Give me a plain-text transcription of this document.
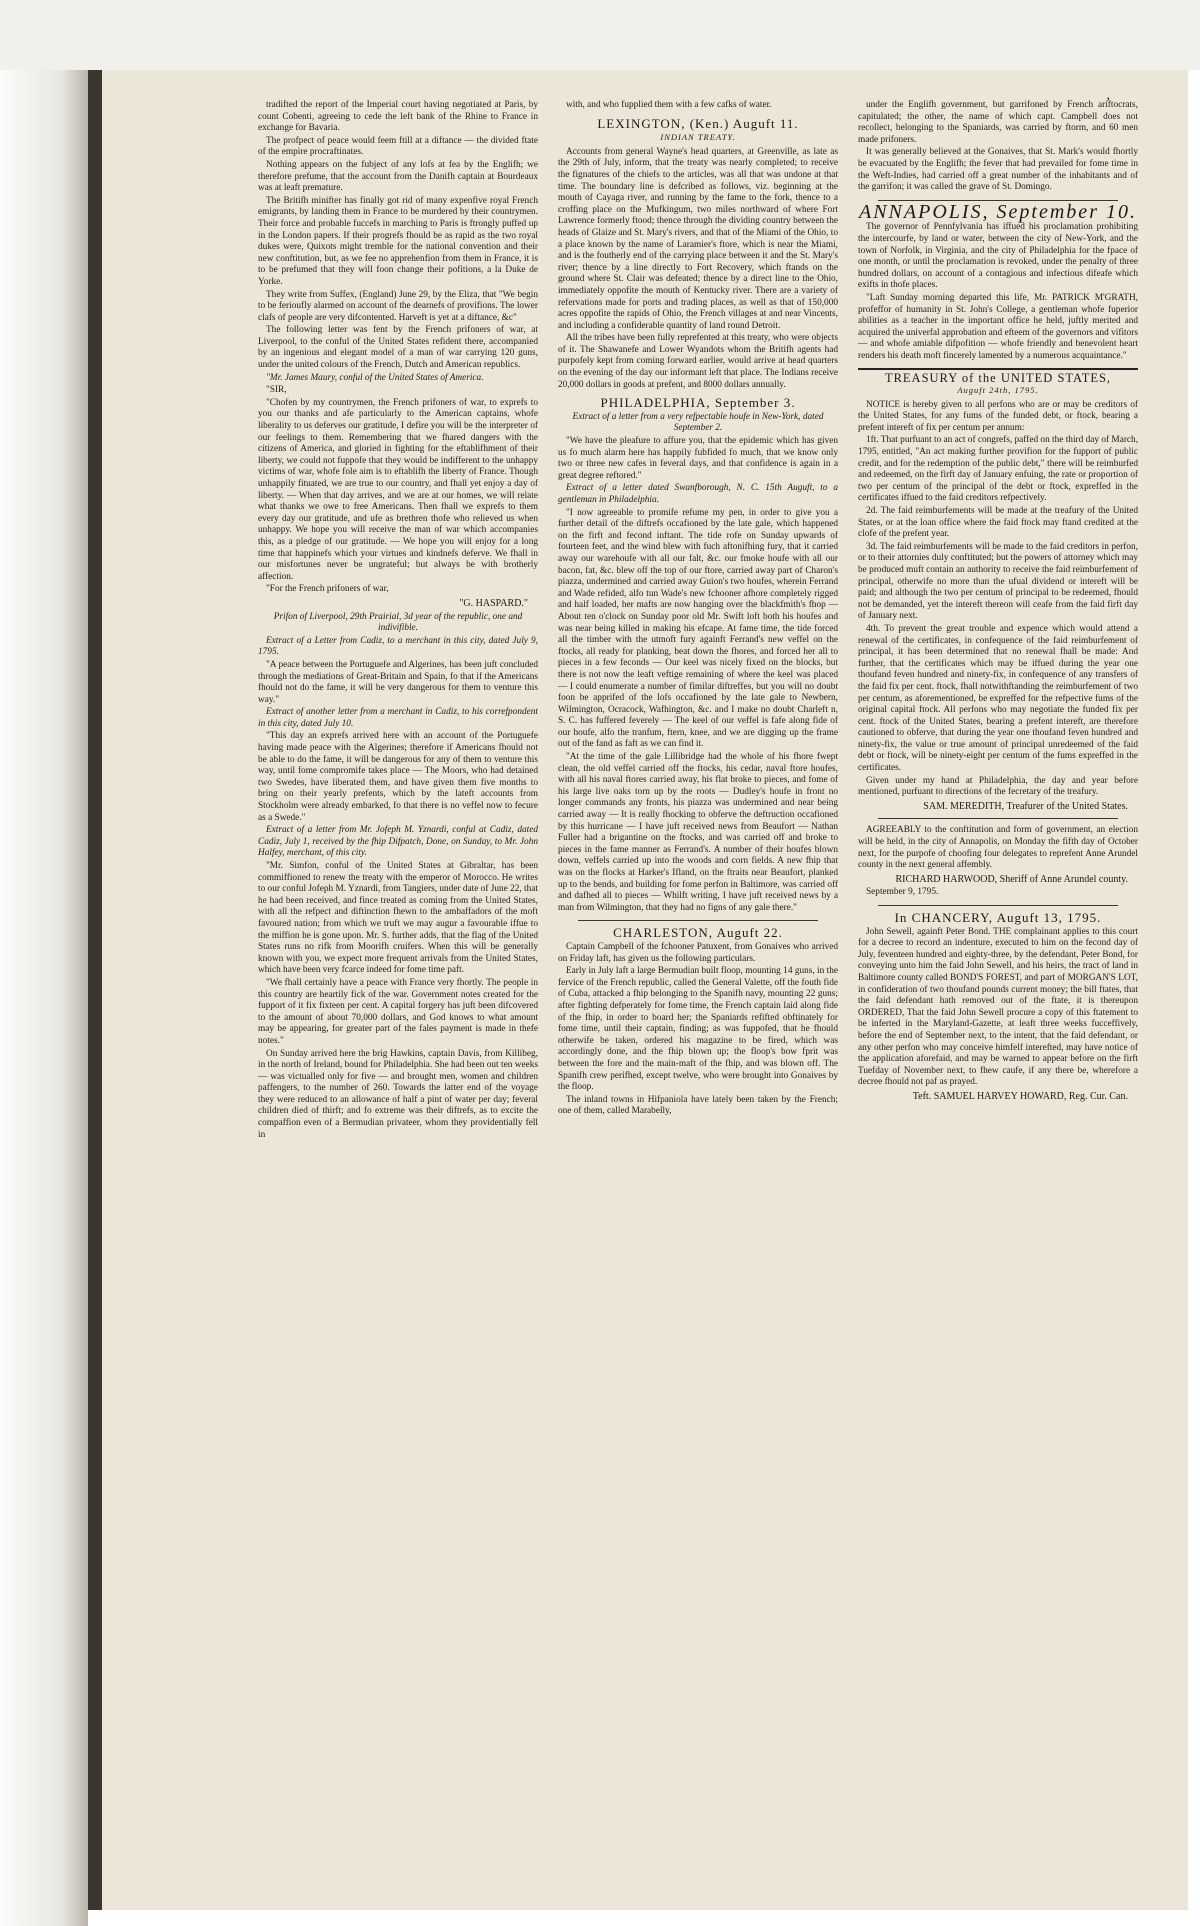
,

tradifted the report of the Imperial court having negotiated at Paris, by count Cobenti, agreeing to cede the left bank of the Rhine to France in exchange for Bavaria.

The profpect of peace would feem ftill at a diftance — the divided ftate of the empire procraftinates.

Nothing appears on the fubject of any lofs at fea by the Englifh; we therefore prefume, that the account from the Danifh captain at Bourdeaux was at leaft premature.

The Britifh minifter has finally got rid of many expenfive royal French emigrants, by landing them in France to be murdered by their countrymen. Their force and probable fuccefs in marching to Paris is ftrongly puffed up in the London papers. If their progrefs fhould be as rapid as the two royal dukes were, Quixots might tremble for the national convention and their new conftitution, but, as we fee no apprehenfion from them in France, it is to be prefumed that they will foon change their pofitions, a la Duke de Yorke.

They write from Suffex, (England) June 29, by the Eliza, that "We begin to be ferioufly alarmed on account of the dearnefs of provifions. The lower clafs of people are very difcontented. Harveft is yet at a diftance, &c"

The following letter was fent by the French prifoners of war, at Liverpool, to the conful of the United States refident there, accompanied by an ingenious and elegant model of a man of war carrying 120 guns, under the united colours of the French, Dutch and American republics.

"Mr. James Maury, conful of the United States of America.

"SIR,

"Chofen by my countrymen, the French prifoners of war, to exprefs to you our thanks and afe particularly to the American captains, whofe liberality to us deferves our gratitude, I defire you will be the interpreter of our feelings to them. Remembering that we fhared dangers with the citizens of America, and gloried in fighting for the eftablifhment of their liberty, we could not fuppofe that they would be indifferent to the unhappy victims of war, whofe fole aim is to eftablifh the liberty of France. Though unhappily fituated, we are true to our country, and fhall yet enjoy a day of liberty. — When that day arrives, and we are at our homes, we will relate what thanks we owe to free Americans. Then fhall we exprefs to them every day our gratitude, and ufe as brethren thofe who relieved us when unhappy. We hope you will receive the man of war which accompanies this, as a pledge of our gratitude. — We hope you will enjoy for a long time that happinefs which your virtues and kindnefs deferve. We fhall in our misfortunes never be ungrateful; but always be with brotherly affection.

"For the French prifoners of war,

"G. HASPARD."

Prifon of Liverpool, 29th Prairial, 3d year of the republic, one and indivifible.

Extract of a Letter from Cadiz, to a merchant in this city, dated July 9, 1795.

"A peace between the Portuguefe and Algerines, has been juft concluded through the mediations of Great-Britain and Spain, fo that if the Americans fhould not do the fame, it will be very dangerous for them to venture this way."

Extract of another letter from a merchant in Cadiz, to his correfpondent in this city, dated July 10.

"This day an exprefs arrived here with an account of the Portuguefe having made peace with the Algerines; therefore if Americans fhould not be able to do the fame, it will be dangerous for any of them to venture this way, until fome compromife takes place — The Moors, who had detained two Swedes, have liberated them, and have given them five months to bring on their yearly prefents, which by the lateft accounts from Stockholm were already embarked, fo that there is no veffel now to fecure as a Swede."

Extract of a letter from Mr. Jofeph M. Yznardi, conful at Cadiz, dated Cadiz, July 1, received by the fhip Difpatch, Done, on Sunday, to Mr. John Halfey, merchant, of this city.

"Mr. Simfon, conful of the United States at Gibraltar, has been commiffioned to renew the treaty with the emperor of Morocco. He writes to our conful Jofeph M. Yznardi, from Tangiers, under date of June 22, that he had been received, and fince treated as coming from the United States, with all the refpect and diftinction fhewn to the ambaffadors of the moft favoured nation; from which we truft we may augur a favourable iffue to the miffion he is gone upon. Mr. S. further adds, that the flag of the United States runs no rifk from Moorifh cruifers. When this will be generally known with you, we expect more frequent arrivals from the United States, which have been very fcarce indeed for fome time paft.

"We fhall certainly have a peace with France very fhortly. The people in this country are heartily fick of the war. Government notes created for the fupport of it fix fixteen per cent. A capital forgery has juft been difcovered to the amount of about 70,000 dollars, and God knows to what amount may be appearing, for greater part of the fales payment is made in thefe notes."

On Sunday arrived here the brig Hawkins, captain Davis, from Killibeg, in the north of Ireland, bound for Philadelphia. She had been out ten weeks — was victualled only for five — and brought men, women and children paffengers, to the number of 260. Towards the latter end of the voyage they were reduced to an allowance of half a pint of water per day; feveral children died of thirft; and fo extreme was their diftrefs, as to excite the compaffion even of a Bermudian privateer, whom they providentially fell in

with, and who fupplied them with a few cafks of water.

LEXINGTON, (Ken.) Auguft 11.
INDIAN TREATY.

Accounts from general Wayne's head quarters, at Greenville, as late as the 29th of July, inform, that the treaty was nearly completed; to receive the fignatures of the chiefs to the articles, was all that was undone at that time. The boundary line is defcribed as follows, viz. beginning at the mouth of Cayaga river, and running by the fame to the fork, thence to a croffing place on the Mufkingum, two miles northward of where Fort Lawrence formerly ftood; thence through the dividing country between the heads of Glaize and St. Mary's rivers, and that of the Miami of the Ohio, to a place known by the name of Laramier's ftore, which is near the Miami, and is the foutherly end of the carrying place between it and the St. Mary's river; thence by a line directly to Fort Recovery, which ftands on the ground where St. Clair was defeated; thence by a direct line to the Ohio, immediately oppofite the mouth of Kentucky river. There are a variety of refervations made for ports and trading places, as well as that of 150,000 acres oppofite the rapids of Ohio, the French villages at and near Vincents, and including a confiderable quantity of land round Detroit.

All the tribes have been fully reprefented at this treaty, who were objects of it. The Shawanefe and Lower Wyandots whom the Britifh agents had purpofely kept from coming forward earlier, would arrive at head quarters on the evening of the day our informant left that place. The Indians receive 20,000 dollars in goods at prefent, and 8000 dollars annually.

PHILADELPHIA, September 3.

Extract of a letter from a very refpectable houfe in New-York, dated September 2.

"We have the pleafure to affure you, that the epidemic which has given us fo much alarm here has happily fubfided fo much, that we know only two or three new cafes in feveral days, and that confidence is again in a great degree reftored."

Extract of a letter dated Swanfborough, N. C. 15th Auguft, to a gentleman in Philadelphia.

"I now agreeable to promife refume my pen, in order to give you a further detail of the diftrefs occafioned by the late gale, which happened on the firft and fecond inftant. The tide rofe on Sunday upwards of fourteen feet, and the wind blew with fuch aftonifhing fury, that it carried away our warehoufe with all our falt, &c. our fmoke houfe with all our bacon, fat, &c. blew off the top of our ftore, carried away part of Charon's piazza, undermined and carried away Guion's two houfes, wherein Ferrand and Wade refided, alfo tun Wade's new fchooner afhore completely rigged and half loaded, her mafts are now hanging over the blackfmith's fhop — About ten o'clock on Sunday poor old Mr. Swift loft both his houfes and was near being killed in making his efcape. At fame time, the tide forced all the timber with the utmoft fury againft Ferrand's new veffel on the ftocks, all ready for planking, beat down the fhores, and forced her all to pieces in a few feconds — Our keel was nicely fixed on the blocks, but there is not now the leaft veftige remaining of where the keel was placed — I could enumerate a number of fimilar diftreffes, but you will no doubt foon be apprifed of the lofs occafioned by the late gale to Newbern, Wilmington, Ocracock, Wafhington, &c. and I make no doubt Charleft n, S. C. has fuffered feverely — The keel of our veffel is fafe along fide of our houfe, alfo the tranfum, ftern, knee, and we are digging up the frame out of the fand as faft as we can find it.

"At the time of the gale Lillibridge had the whole of his fhore fwept clean, the old veffel carried off the ftocks, his cedar, naval ftore houfes, with all his naval ftores carried away, his flat broke to pieces, and fome of his large live oaks torn up by the roots — Dudley's houfe in front no longer commands any fronts, his piazza was undermined and near being carried away — It is really fhocking to obferve the deftruction occafioned by this hurricane — I have juft received news from Beaufort — Nathan Fuller had a brigantine on the ftocks, and was carried off and broke to pieces in the fame manner as Ferrand's. A number of their houfes blown down, veffels carried up into the woods and corn fields. A new fhip that was on the flocks at Harker's Ifland, on the ftraits near Beaufort, planked up to the bends, and building for fome perfon in Baltimore, was carried off and dafhed all to pieces — Whilft writing, I have juft received news by a man from Wilmington, that they had no figns of any gale there."

CHARLESTON, Auguft 22.

Captain Campbell of the fchooner Patuxent, from Gonaives who arrived on Friday laft, has given us the following particulars.

Early in July laft a large Bermudian built floop, mounting 14 guns, in the fervice of the French republic, called the General Valette, off the fouth fide of Cuba, attacked a fhip belonging to the Spanifh navy, mounting 22 guns; after fighting defperately for fome time, the French captain laid along fide of the fhip, in order to board her; the Spaniards refifted obftinately for fome time, until their captain, finding; as was fuppofed, that he fhould otherwife be taken, ordered his magazine to be fired, which was accordingly done, and the fhip blown up; the floop's bow fprit was between the fore and the main-maft of the fhip, and was blown off. The Spanifh crew perifhed, except twelve, who were brought into Gonaives by the floop.

The inland towns in Hifpaniola have lately been taken by the French; one of them, called Marabelly,

under the Englifh government, but garrifoned by French ariftocrats, capitulated; the other, the name of which capt. Campbell does not recollect, belonging to the Spaniards, was carried by ftorm, and 60 men made prifoners.

It was generally believed at the Gonaives, that St. Mark's would fhortly be evacuated by the Englifh; the fever that had prevailed for fome time in the Weft-Indies, had carried off a great number of the inhabitants and of the garrifon; it was called the grave of St. Domingo.

ANNAPOLIS, September 10.

The governor of Pennfylvania has iffued his proclamation prohibiting the intercourfe, by land or water, between the city of New-York, and the town of Norfolk, in Virginia, and the city of Philadelphia for the fpace of one month, or until the proclamation is revoked, under the penalty of three hundred dollars, on account of a contagious and infectious difeafe which exifts in thofe places.

"Laft Sunday morning departed this life, Mr. PATRICK M'GRATH, profeffor of humanity in St. John's College, a gentleman whofe fuperior abilities as a teacher in the important office he held, juftly merited and acquired the univerfal approbation and efteem of the governors and vifitors — and whofe amiable difpofition — whofe friendly and benevolent heart renders his death moft fincerely lamented by a numerous acquaintance."

TREASURY of the UNITED STATES,
Auguft 24th, 1795.

NOTICE is hereby given to all perfons who are or may be creditors of the United States, for any fums of the funded debt, or ftock, bearing a prefent intereft of fix per centum per annum:

1ft. That purfuant to an act of congrefs, paffed on the third day of March, 1795, entitled, "An act making further provifion for the fupport of public credit, and for the redemption of the public debt," there will be reimburfed and redeemed, on the firft day of January enfuing, the rate or proportion of two per centum of the principal of the debt or ftock, expreffed in the certificates iffued to the faid creditors refpectively.

2d. The faid reimburfements will be made at the treafury of the United States, or at the loan office where the faid ftock may ftand credited at the clofe of the prefent year.

3d. The faid reimburfements will be made to the faid creditors in perfon, or to their attornies duly conftituted; but the powers of attorney which may be produced muft contain an authority to receive the faid reimburfement of principal, otherwife no more than the ufual dividend or intereft will be paid; and although the two per centum of principal to be redeemed, fhould not be demanded, yet the intereft thereon will ceafe from the faid firft day of January next.

4th. To prevent the great trouble and expence which would attend a renewal of the certificates, in confequence of the faid reimburfement of principal, it has been determined that no renewal fhall be made: And further, that the certificates which may be iffued during the year one thoufand feven hundred and ninety-fix, in confequence of any transfers of the faid fix per cent. ftock, fhall notwithftanding the reimburfement of two per centum, as aforementioned, be expreffed for the refpective fums of the original capital ftock. All perfons who may negotiate the funded fix per cent. ftock of the United States, bearing a prefent intereft, are therefore cautioned to obferve, that during the year one thoufand feven hundred and ninety-fix, the value or true amount of principal unredeemed of the faid debt or ftock, will be ninety-eight per centum of the fums expreffed in the certificates.

Given under my hand at Philadelphia, the day and year before mentioned, purfuant to directions of the fecretary of the treafury.

SAM. MEREDITH, Treafurer of the United States.

AGREEABLY to the conftitution and form of government, an election will be held, in the city of Annapolis, on Monday the fifth day of October next, for the purpofe of choofing four delegates to reprefent Anne Arundel county in the next general affembly.

RICHARD HARWOOD, Sheriff of Anne Arundel county.

September 9, 1795.

In CHANCERY, Auguft 13, 1795.

John Sewell, againft Peter Bond. THE complainant applies to this court for a decree to record an indenture, executed to him on the fecond day of July, feventeen hundred and eighty-three, by the defendant, Peter Bond, for conveying unto him the faid John Sewell, and his heirs, the tract of land in Baltimore county called BOND'S FOREST, and part of MORGAN'S LOT, in confideration of two thoufand pounds current money; the bill ftates, that the faid defendant hath removed out of the ftate, it is thereupon ORDERED, That the faid John Sewell procure a copy of this ftatement to be inferted in the Maryland-Gazette, at leaft three weeks fucceffively, before the end of September next, to the intent, that the faid defendant, or any other perfon who may conceive himfelf interefted, may have notice of the application aforefaid, and may be warned to appear before on the firft Tuefday of November next, to fhew caufe, if any there be, wherefore a decree fhould not paf as prayed.

Teft. SAMUEL HARVEY HOWARD, Reg. Cur. Can.
